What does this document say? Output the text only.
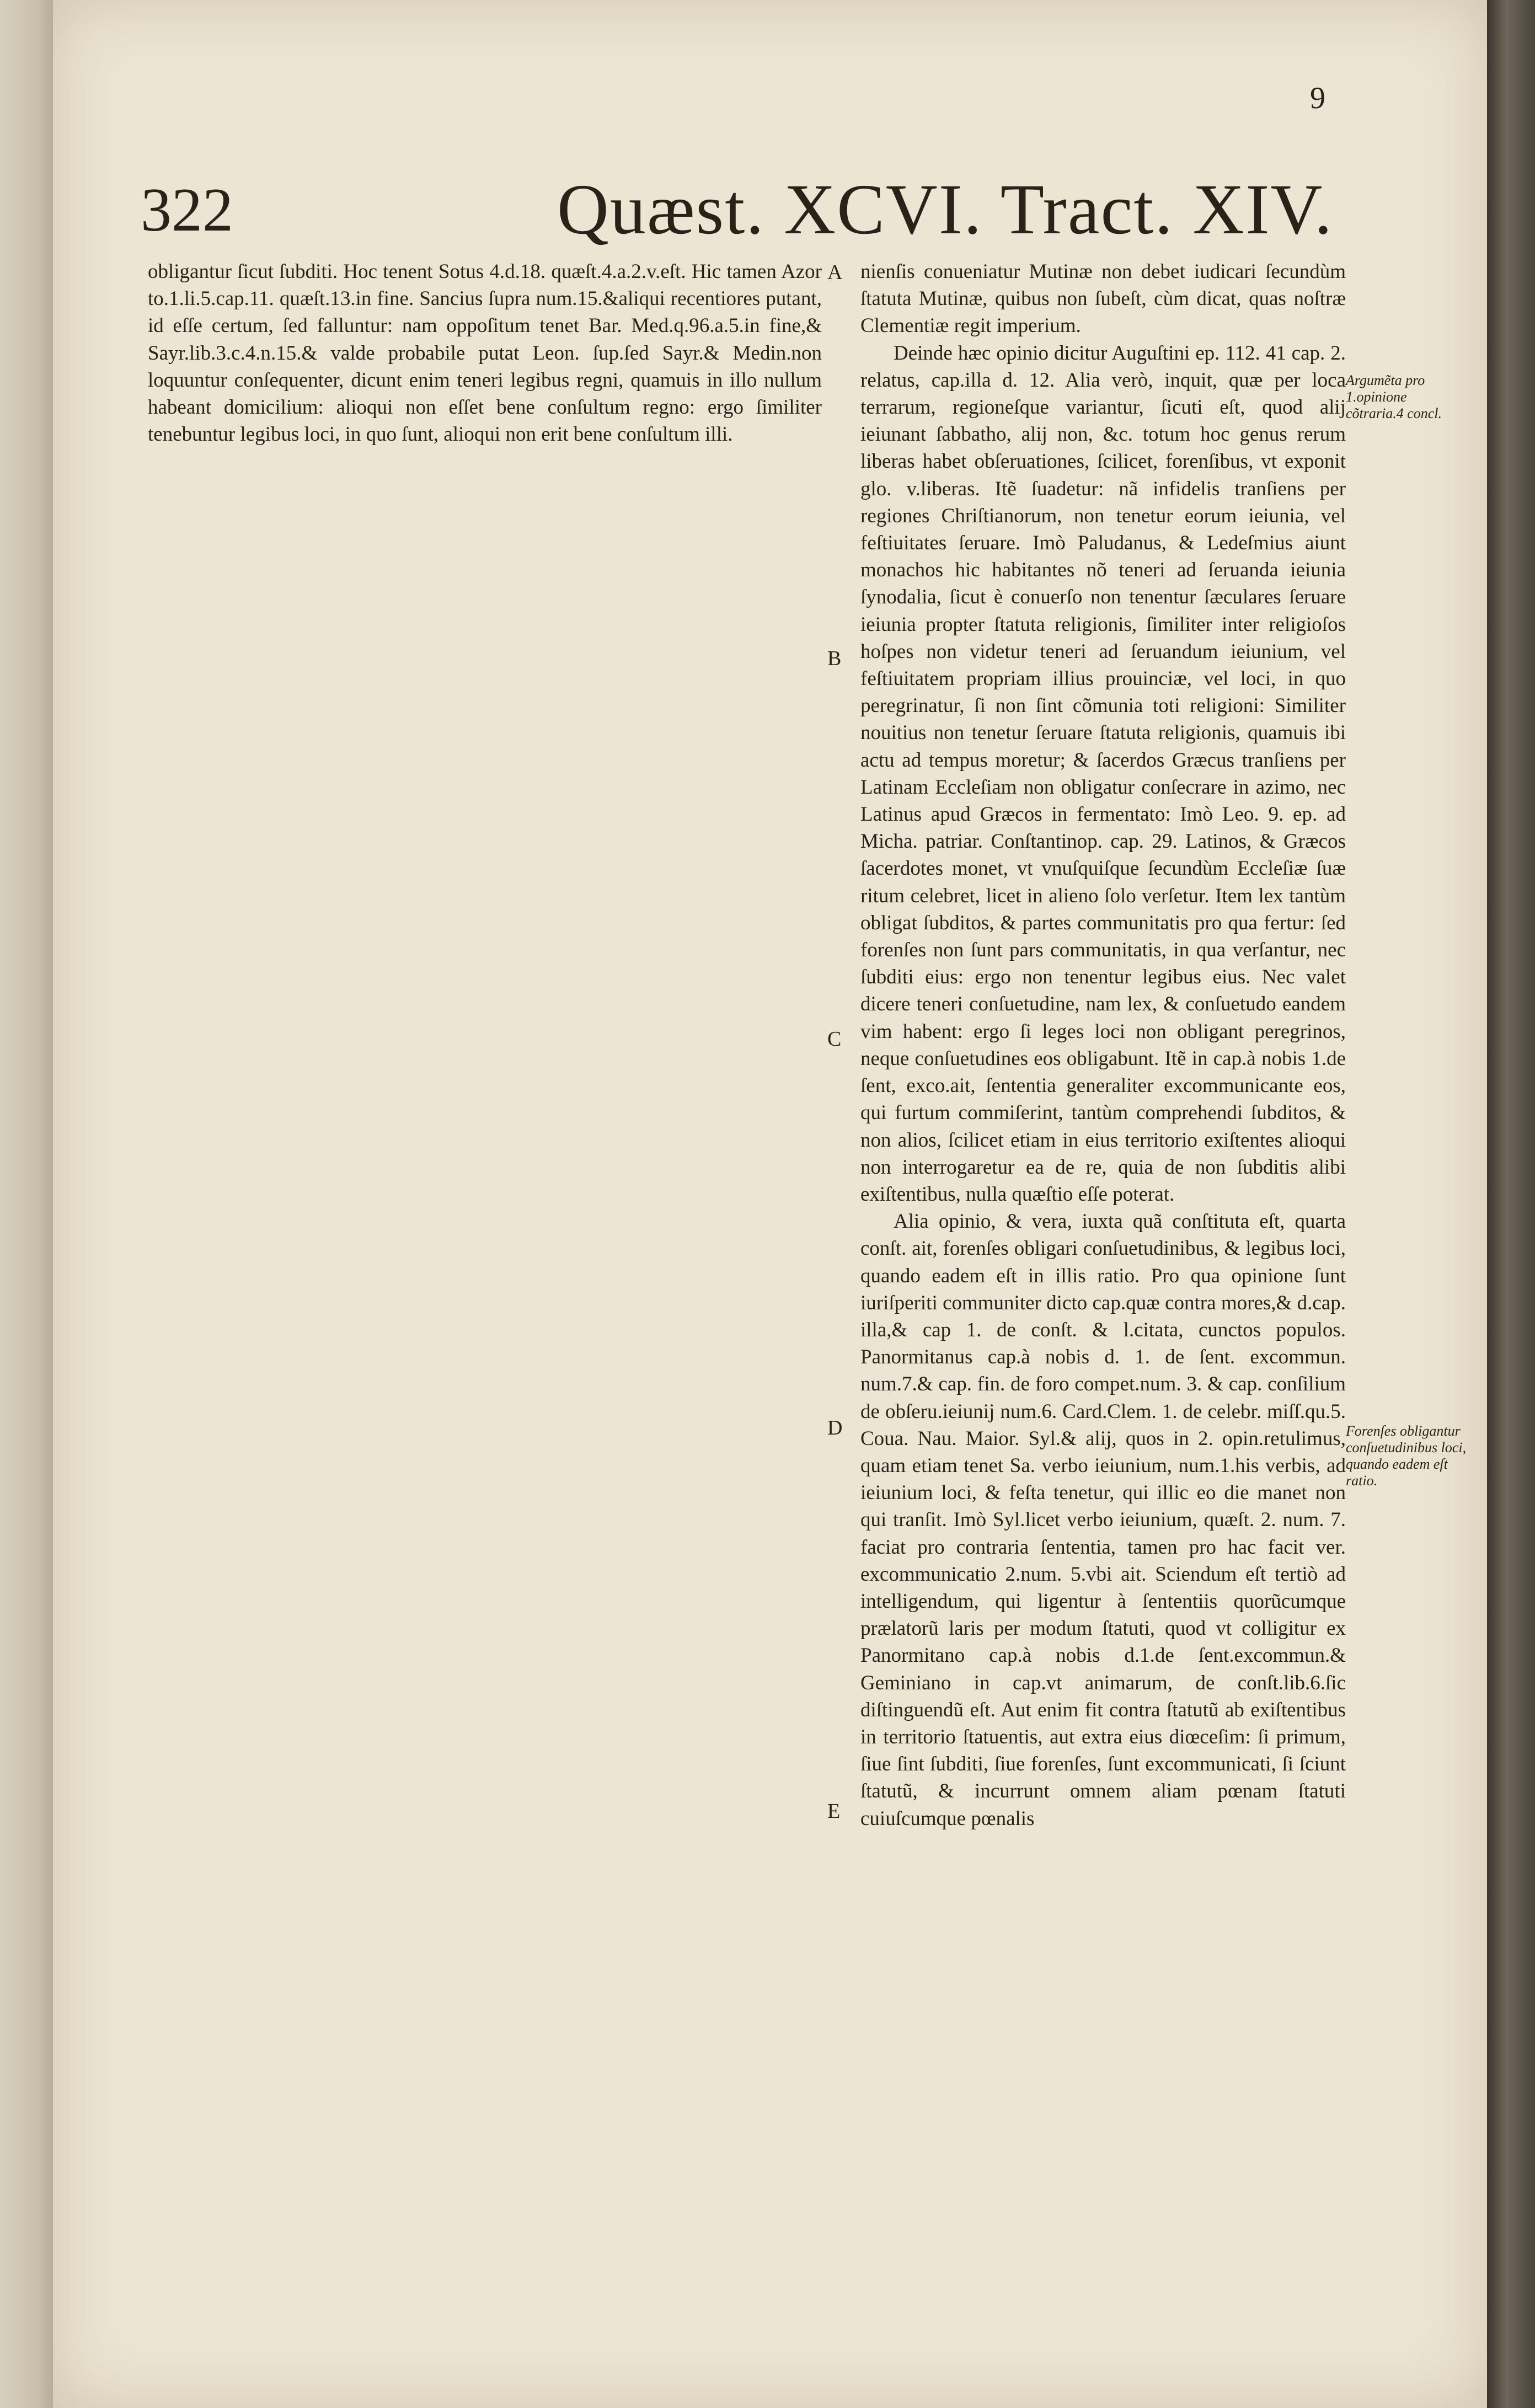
9
322	Quæst. XCVI. Tract. XIV.

obligantur ſicut ſubditi. Hoc tenent Sotus 4.d.18. quæſt.4.a.2.v.eſt. Hic tamen Azor to.1.li.5.cap.11. quæſt.13.in fine. Sancius ſupra num.15.&aliqui recentiores putant, id eſſe certum, ſed falluntur: nam oppoſitum tenet Bar. Med.q.96.a.5.in fine,& Sayr.lib.3.c.4.n.15.& valde probabile putat Leon. ſup.ſed Sayr.& Medin.non loquuntur conſequenter, dicunt enim teneri legibus regni, quamuis in illo nullum habeant domicilium: alioqui non eſſet bene conſultum regno: ergo ſimiliter tenebuntur legibus loci, in quo ſunt, alioqui non erit bene conſultum illi.

A
B
C
D
E

nienſis conueniatur Mutinæ non debet iudicari ſecundùm ſtatuta Mutinæ, quibus non ſubeſt, cùm dicat, quas noſtræ Clementiæ regit imperium.

Deinde hæc opinio dicitur Auguſtini ep. 112. 41 cap. 2. relatus, cap.illa d. 12. Alia verò, inquit, quæ per loca terrarum, regioneſque variantur, ſicuti eſt, quod alij ieiunant ſabbatho, alij non, &c. totum hoc genus rerum liberas habet obſeruationes, ſcilicet, forenſibus, vt exponit glo. v.liberas. Itẽ ſuadetur: nã infidelis tranſiens per regiones Chriſtianorum, non tenetur eorum ieiunia, vel feſtiuitates ſeruare. Imò Paludanus, & Ledeſmius aiunt monachos hic habitantes nõ teneri ad ſeruanda ieiunia ſynodalia, ſicut è conuerſo non tenentur ſæculares ſeruare ieiunia propter ſtatuta religionis, ſimiliter inter religioſos hoſpes non videtur teneri ad ſeruandum ieiunium, vel feſtiuitatem propriam illius prouinciæ, vel loci, in quo peregrinatur, ſi non ſint cõmunia toti religioni: Similiter nouitius non tenetur ſeruare ſtatuta religionis, quamuis ibi actu ad tempus moretur; & ſacerdos Græcus tranſiens per Latinam Eccleſiam non obligatur conſecrare in azimo, nec Latinus apud Græcos in fermentato: Imò Leo. 9. ep. ad Micha. patriar. Conſtantinop. cap. 29. Latinos, & Græcos ſacerdotes monet, vt vnuſquiſque ſecundùm Eccleſiæ ſuæ ritum celebret, licet in alieno ſolo verſetur. Item lex tantùm obligat ſubditos, & partes communitatis pro qua fertur: ſed forenſes non ſunt pars communitatis, in qua verſantur, nec ſubditi eius: ergo non tenentur legibus eius. Nec valet dicere teneri conſuetudine, nam lex, & conſuetudo eandem vim habent: ergo ſi leges loci non obligant peregrinos, neque conſuetudines eos obligabunt. Itẽ in cap.à nobis 1.de ſent, exco.ait, ſententia generaliter excommunicante eos, qui furtum commiſerint, tantùm comprehendi ſubditos, & non alios, ſcilicet etiam in eius territorio exiſtentes alioqui non interrogaretur ea de re, quia de non ſubditis alibi exiſtentibus, nulla quæſtio eſſe poterat.

Alia opinio, & vera, iuxta quã conſtituta eſt, quarta conſt. ait, forenſes obligari conſuetudinibus, & legibus loci, quando eadem eſt in illis ratio. Pro qua opinione ſunt iuriſperiti communiter dicto cap.quæ contra mores,& d.cap. illa,& cap 1. de conſt. & l.citata, cunctos populos. Panormitanus cap.à nobis d. 1. de ſent. excommun. num.7.& cap. fin. de foro compet.num. 3. & cap. conſilium de obſeru.ieiunij num.6. Card.Clem. 1. de celebr. miſſ.qu.5. Coua. Nau. Maior. Syl.& alij, quos in 2. opin.retulimus, quam etiam tenet Sa. verbo ieiunium, num.1.his verbis, ad ieiunium loci, & feſta tenetur, qui illic eo die manet non qui tranſit. Imò Syl.licet verbo ieiunium, quæſt. 2. num. 7. faciat pro contraria ſententia, tamen pro hac facit ver. excommunicatio 2.num. 5.vbi ait. Sciendum eſt tertiò ad intelligendum, qui ligentur à ſententiis quorũcumque prælatorũ laris per modum ſtatuti, quod vt colligitur ex Panormitano cap.à nobis d.1.de ſent.excommun.& Geminiano in cap.vt animarum, de conſt.lib.6.ſic diſtinguendũ eſt. Aut enim fit contra ſtatutũ ab exiſtentibus in territorio ſtatuentis, aut extra eius diœceſim: ſi primum, ſiue ſint ſubditi, ſiue forenſes, ſunt excommunicati, ſi ſciunt ſtatutũ, & incurrunt omnem aliam pœnam ſtatuti cuiuſcumque pœnalis

Argumẽta pro 1.opinione cõtraria.4 concl.
Forenſes obligantur conſuetudinibus loci, quando eadem eſt ratio.
